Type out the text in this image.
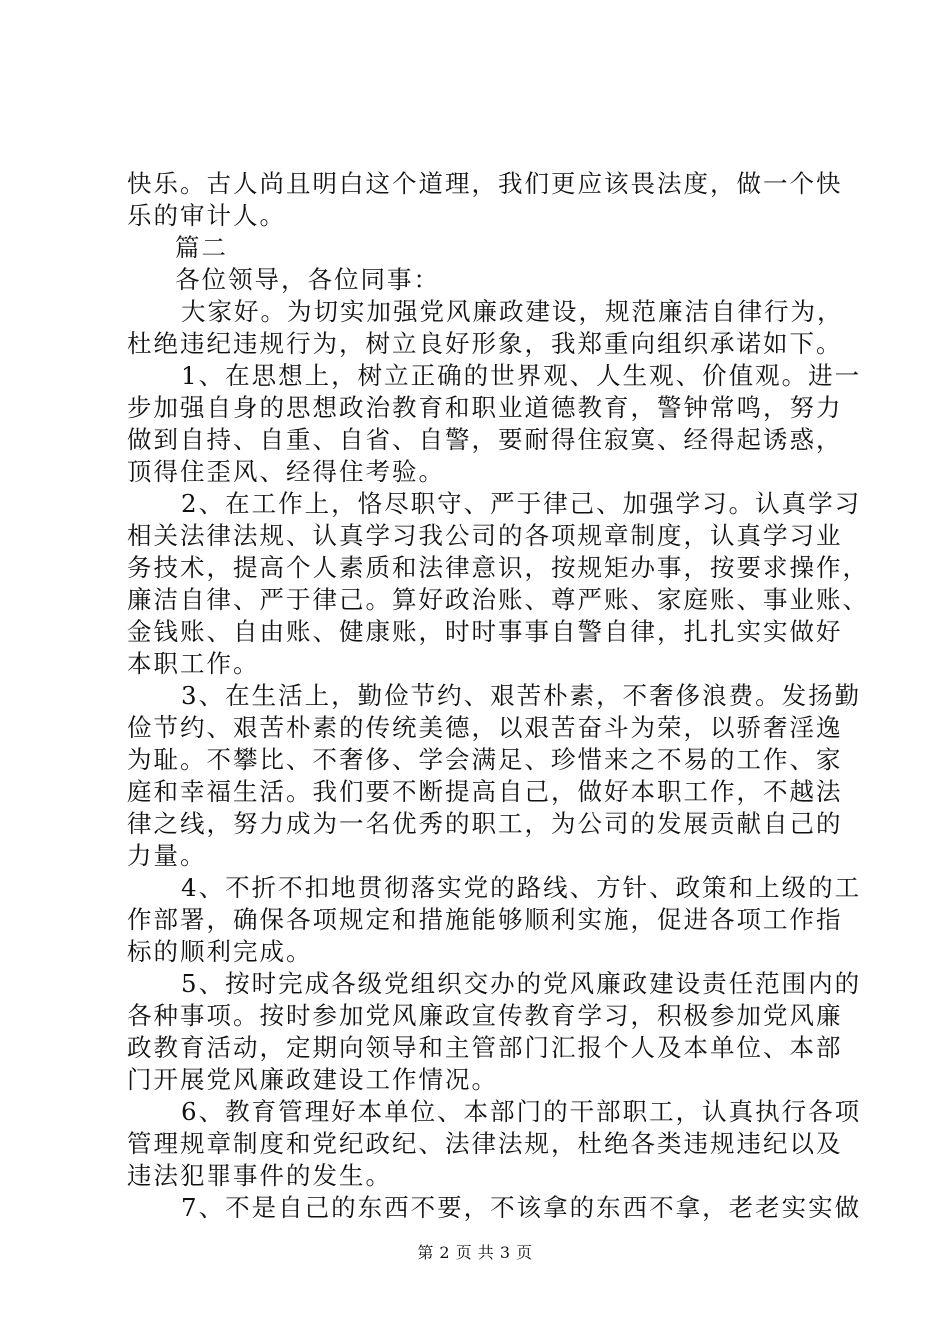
快乐。古人尚且明白这个道理，我们更应该畏法度，做一个快
乐的审计人。
篇二
各位领导，各位同事：
大家好。为切实加强党风廉政建设，规范廉洁自律行为，
杜绝违纪违规行为，树立良好形象，我郑重向组织承诺如下。
1、在思想上，树立正确的世界观、人生观、价值观。进一
步加强自身的思想政治教育和职业道德教育，警钟常鸣，努力
做到自持、自重、自省、自警，要耐得住寂寞、经得起诱惑，
顶得住歪风、经得住考验。
2、在工作上，恪尽职守、严于律己、加强学习。认真学习
相关法律法规、认真学习我公司的各项规章制度，认真学习业
务技术，提高个人素质和法律意识，按规矩办事，按要求操作，
廉洁自律、严于律己。算好政治账、尊严账、家庭账、事业账、
金钱账、自由账、健康账，时时事事自警自律，扎扎实实做好
本职工作。
3、在生活上，勤俭节约、艰苦朴素，不奢侈浪费。发扬勤
俭节约、艰苦朴素的传统美德，以艰苦奋斗为荣，以骄奢淫逸
为耻。不攀比、不奢侈、学会满足、珍惜来之不易的工作、家
庭和幸福生活。我们要不断提高自己，做好本职工作，不越法
律之线，努力成为一名优秀的职工，为公司的发展贡献自己的
力量。
4、不折不扣地贯彻落实党的路线、方针、政策和上级的工
作部署，确保各项规定和措施能够顺利实施，促进各项工作指
标的顺利完成。
5、按时完成各级党组织交办的党风廉政建设责任范围内的
各种事项。按时参加党风廉政宣传教育学习，积极参加党风廉
政教育活动，定期向领导和主管部门汇报个人及本单位、本部
门开展党风廉政建设工作情况。
6、教育管理好本单位、本部门的干部职工，认真执行各项
管理规章制度和党纪政纪、法律法规，杜绝各类违规违纪以及
违法犯罪事件的发生。
7、不是自己的东西不要，不该拿的东西不拿，老老实实做
第 2 页 共 3 页
